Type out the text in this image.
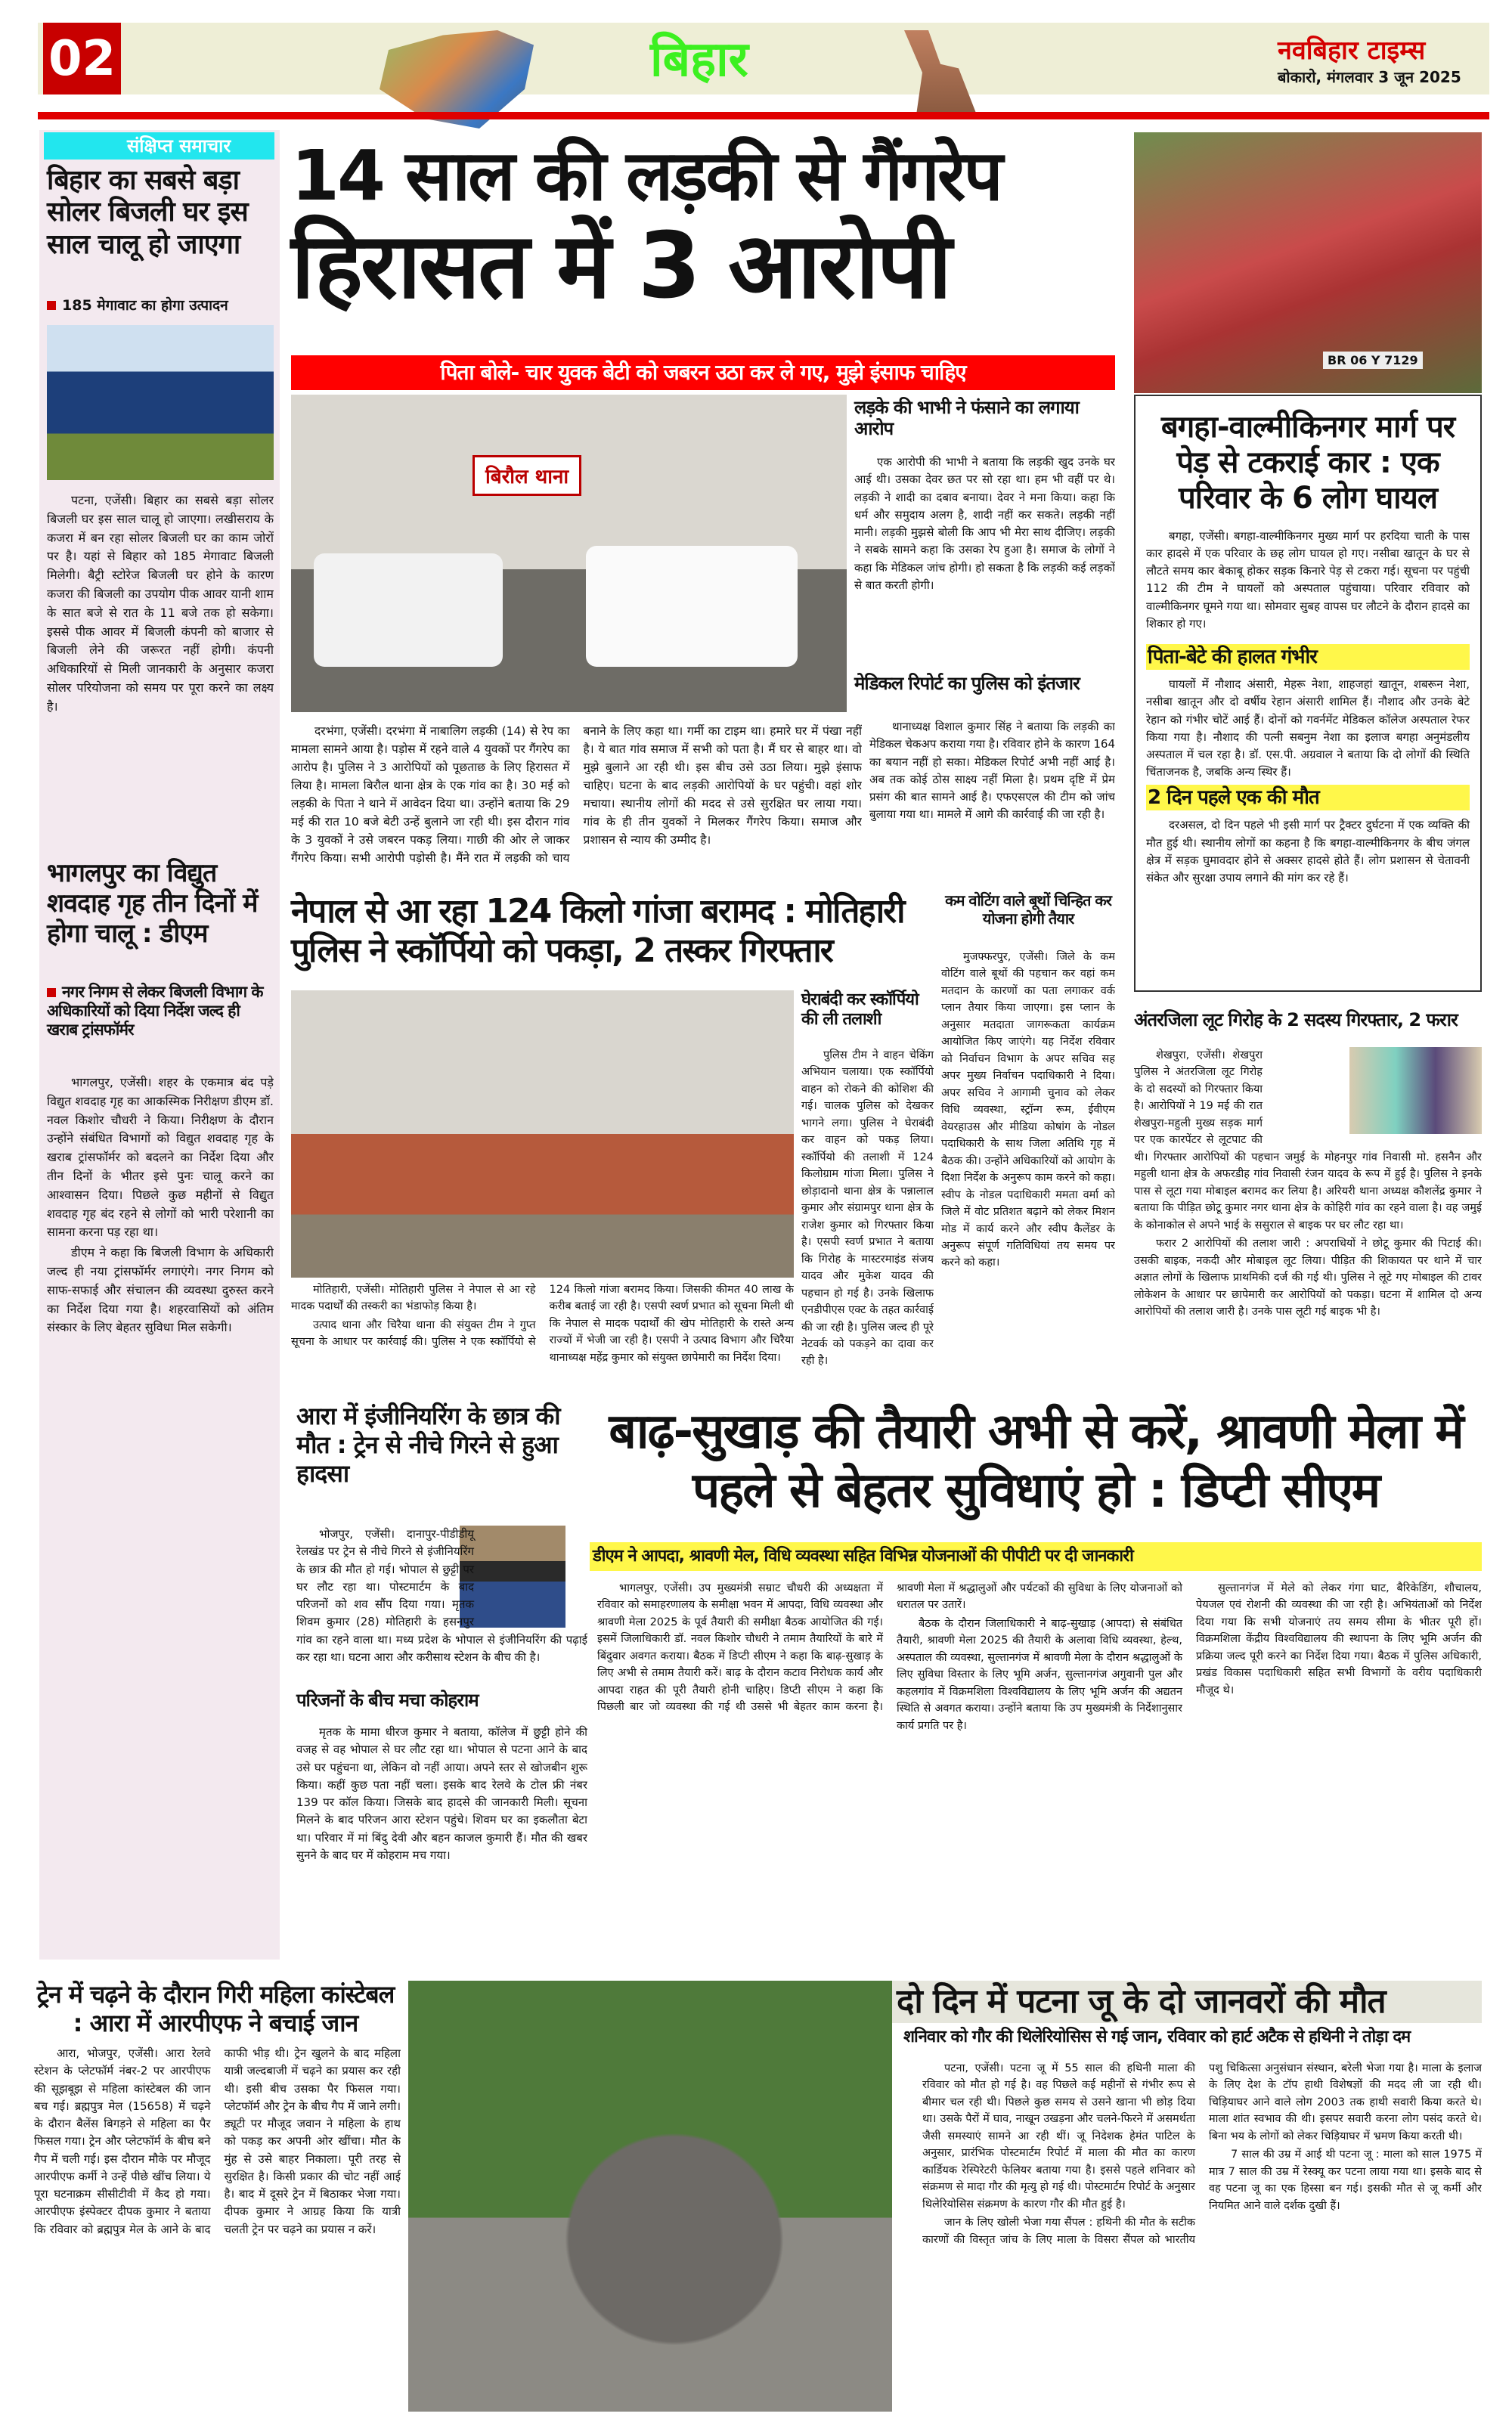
02	बिहार	नवबिहार टाइम्स
बोकारो, मंगलवार 3 जून 2025
संक्षिप्त समाचार
बिहार का सबसे बड़ा सोलर बिजली घर इस साल चालू हो जाएगा
185 मेगावाट का होगा उत्पादन

पटना, एजेंसी। बिहार का सबसे बड़ा सोलर बिजली घर इस साल चालू हो जाएगा। लखीसराय के कजरा में बन रहा सोलर बिजली घर का काम जोरों पर है। यहां से बिहार को 185 मेगावाट बिजली मिलेगी। बैट्री स्टोरेज बिजली घर होने के कारण कजरा की बिजली का उपयोग पीक आवर यानी शाम के सात बजे से रात के 11 बजे तक हो सकेगा। इससे पीक आवर में बिजली कंपनी को बाजार से बिजली लेने की जरूरत नहीं होगी। कंपनी अधिकारियों से मिली जानकारी के अनुसार कजरा सोलर परियोजना को समय पर पूरा करने का लक्ष्य है।

भागलपुर का विद्युत शवदाह गृह तीन दिनों में होगा चालू : डीएम
नगर निगम से लेकर बिजली विभाग के अधिकारियों को दिया निर्देश जल्द ही खराब ट्रांसफॉर्मर

भागलपुर, एजेंसी। शहर के एकमात्र बंद पड़े विद्युत शवदाह गृह का आकस्मिक निरीक्षण डीएम डॉ. नवल किशोर चौधरी ने किया। निरीक्षण के दौरान उन्होंने संबंधित विभागों को विद्युत शवदाह गृह के खराब ट्रांसफॉर्मर को बदलने का निर्देश दिया और तीन दिनों के भीतर इसे पुनः चालू करने का आश्वासन दिया। पिछले कुछ महीनों से विद्युत शवदाह गृह बंद रहने से लोगों को भारी परेशानी का सामना करना पड़ रहा था।

डीएम ने कहा कि बिजली विभाग के अधिकारी जल्द ही नया ट्रांसफॉर्मर लगाएंगे। नगर निगम को साफ-सफाई और संचालन की व्यवस्था दुरुस्त करने का निर्देश दिया गया है। शहरवासियों को अंतिम संस्कार के लिए बेहतर सुविधा मिल सकेगी।

14 साल की लड़की से गैंगरेप
हिरासत में 3 आरोपी
पिता बोले- चार युवक बेटी को जबरन उठा कर ले गए, मुझे इंसाफ चाहिए
बिरौल थाना
लड़के की भाभी ने फंसाने का लगाया आरोप

एक आरोपी की भाभी ने बताया कि लड़की खुद उनके घर आई थी। उसका देवर छत पर सो रहा था। हम भी वहीं पर थे। लड़की ने शादी का दबाव बनाया। देवर ने मना किया। कहा कि धर्म और समुदाय अलग है, शादी नहीं कर सकते। लड़की नहीं मानी। लड़की मुझसे बोली कि आप भी मेरा साथ दीजिए। लड़की ने सबके सामने कहा कि उसका रेप हुआ है। समाज के लोगों ने कहा कि मेडिकल जांच होगी। हो सकता है कि लड़की कई लड़कों से बात करती होगी।

मेडिकल रिपोर्ट का पुलिस को इंतजार

थानाध्यक्ष विशाल कुमार सिंह ने बताया कि लड़की का मेडिकल चेकअप कराया गया है। रविवार होने के कारण 164 का बयान नहीं हो सका। मेडिकल रिपोर्ट अभी नहीं आई है। अब तक कोई ठोस साक्ष्य नहीं मिला है। प्रथम दृष्टि में प्रेम प्रसंग की बात सामने आई है। एफएसएल की टीम को जांच बुलाया गया था। मामले में आगे की कार्रवाई की जा रही है।

दरभंगा, एजेंसी। दरभंगा में नाबालिग लड़की (14) से रेप का मामला सामने आया है। पड़ोस में रहने वाले 4 युवकों पर गैंगरेप का आरोप है। पुलिस ने 3 आरोपियों को पूछताछ के लिए हिरासत में लिया है। मामला बिरौल थाना क्षेत्र के एक गांव का है। 30 मई को लड़की के पिता ने थाने में आवेदन दिया था। उन्होंने बताया कि 29 मई की रात 10 बजे बेटी उन्हें बुलाने जा रही थी। इस दौरान गांव के 3 युवकों ने उसे जबरन पकड़ लिया। गाछी की ओर ले जाकर गैंगरेप किया। सभी आरोपी पड़ोसी है। मैंने रात में लड़की को चाय बनाने के लिए कहा था। गर्मी का टाइम था। हमारे घर में पंखा नहीं है। ये बात गांव समाज में सभी को पता है। मैं घर से बाहर था। वो मुझे बुलाने आ रही थी। इस बीच उसे उठा लिया। मुझे इंसाफ चाहिए। घटना के बाद लड़की आरोपियों के घर पहुंची। वहां शोर मचाया। स्थानीय लोगों की मदद से उसे सुरक्षित घर लाया गया। गांव के ही तीन युवकों ने मिलकर गैंगरेप किया। समाज और प्रशासन से न्याय की उम्मीद है।

BR 06 Y 7129
बगहा-वाल्मीकिनगर मार्ग पर पेड़ से टकराई कार : एक परिवार के 6 लोग घायल

बगहा, एजेंसी। बगहा-वाल्मीकिनगर मुख्य मार्ग पर हरदिया चाती के पास कार हादसे में एक परिवार के छह लोग घायल हो गए। नसीबा खातून के घर से लौटते समय कार बेकाबू होकर सड़क किनारे पेड़ से टकरा गई। सूचना पर पहुंची 112 की टीम ने घायलों को अस्पताल पहुंचाया। परिवार रविवार को वाल्मीकिनगर घूमने गया था। सोमवार सुबह वापस घर लौटने के दौरान हादसे का शिकार हो गए।

पिता-बेटे की हालत गंभीर

घायलों में नौशाद अंसारी, मेहरू नेशा, शाहजहां खातून, शबरून नेशा, नसीबा खातून और दो वर्षीय रेहान अंसारी शामिल हैं। नौशाद और उनके बेटे रेहान को गंभीर चोटें आई हैं। दोनों को गवर्नमेंट मेडिकल कॉलेज अस्पताल रेफर किया गया है। नौशाद की पत्नी सबनुम नेशा का इलाज बगहा अनुमंडलीय अस्पताल में चल रहा है। डॉ. एस.पी. अग्रवाल ने बताया कि दो लोगों की स्थिति चिंताजनक है, जबकि अन्य स्थिर हैं।

2 दिन पहले एक की मौत

दरअसल, दो दिन पहले भी इसी मार्ग पर ट्रैक्टर दुर्घटना में एक व्यक्ति की मौत हुई थी। स्थानीय लोगों का कहना है कि बगहा-वाल्मीकिनगर के बीच जंगल क्षेत्र में सड़क घुमावदार होने से अक्सर हादसे होते हैं। लोग प्रशासन से चेतावनी संकेत और सुरक्षा उपाय लगाने की मांग कर रहे हैं।

नेपाल से आ रहा 124 किलो गांजा बरामद : मोतिहारी पुलिस ने स्कॉर्पियो को पकड़ा, 2 तस्कर गिरफ्तार
घेराबंदी कर स्कॉर्पियो की ली तलाशी

पुलिस टीम ने वाहन चेकिंग अभियान चलाया। एक स्कॉर्पियो वाहन को रोकने की कोशिश की गई। चालक पुलिस को देखकर भागने लगा। पुलिस ने घेराबंदी कर वाहन को पकड़ लिया। स्कॉर्पियो की तलाशी में 124 किलोग्राम गांजा मिला। पुलिस ने छोड़ादानो थाना क्षेत्र के पन्नालाल कुमार और संग्रामपुर थाना क्षेत्र के राजेश कुमार को गिरफ्तार किया है। एसपी स्वर्ण प्रभात ने बताया कि गिरोह के मास्टरमाइंड संजय यादव और मुकेश यादव की पहचान हो गई है। उनके खिलाफ एनडीपीएस एक्ट के तहत कार्रवाई की जा रही है। पुलिस जल्द ही पूरे नेटवर्क को पकड़ने का दावा कर रही है।

मोतिहारी, एजेंसी। मोतिहारी पुलिस ने नेपाल से आ रहे मादक पदार्थों की तस्करी का भंडाफोड़ किया है।

उत्पाद थाना और चिरैया थाना की संयुक्त टीम ने गुप्त सूचना के आधार पर कार्रवाई की। पुलिस ने एक स्कॉर्पियो से 124 किलो गांजा बरामद किया। जिसकी कीमत 40 लाख के करीब बताई जा रही है। एसपी स्वर्ण प्रभात को सूचना मिली थी कि नेपाल से मादक पदार्थों की खेप मोतिहारी के रास्ते अन्य राज्यों में भेजी जा रही है। एसपी ने उत्पाद विभाग और चिरैया थानाध्यक्ष महेंद्र कुमार को संयुक्त छापेमारी का निर्देश दिया।

कम वोटिंग वाले बूथों चिन्हित कर योजना होगी तैयार

मुजफ्फरपुर, एजेंसी। जिले के कम वोटिंग वाले बूथों की पहचान कर वहां कम मतदान के कारणों का पता लगाकर वर्क प्लान तैयार किया जाएगा। इस प्लान के अनुसार मतदाता जागरूकता कार्यक्रम आयोजित किए जाएंगे। यह निर्देश रविवार को निर्वाचन विभाग के अपर सचिव सह अपर मुख्य निर्वाचन पदाधिकारी ने दिया। अपर सचिव ने आगामी चुनाव को लेकर विधि व्यवस्था, स्ट्रॉन्ग रूम, ईवीएम वेयरहाउस और मीडिया कोषांग के नोडल पदाधिकारी के साथ जिला अतिथि गृह में बैठक की। उन्होंने अधिकारियों को आयोग के दिशा निर्देश के अनुरूप काम करने को कहा। स्वीप के नोडल पदाधिकारी ममता वर्मा को जिले में वोट प्रतिशत बढ़ाने को लेकर मिशन मोड में कार्य करने और स्वीप कैलेंडर के अनुरूप संपूर्ण गतिविधियां तय समय पर करने को कहा।

अंतरजिला लूट गिरोह के 2 सदस्य गिरफ्तार, 2 फरार

शेखपुरा, एजेंसी। शेखपुरा पुलिस ने अंतरजिला लूट गिरोह के दो सदस्यों को गिरफ्तार किया है। आरोपियों ने 19 मई की रात शेखपुरा-महुली मुख्य सड़क मार्ग पर एक कारपेंटर से लूटपाट की थी। गिरफ्तार आरोपियों की पहचान जमुई के मोहनपुर गांव निवासी मो. हसनैन और महुली थाना क्षेत्र के अफरडीह गांव निवासी रंजन यादव के रूप में हुई है। पुलिस ने इनके पास से लूटा गया मोबाइल बरामद कर लिया है। अरियरी थाना अध्यक्ष कौशलेंद्र कुमार ने बताया कि पीड़ित छोटू कुमार नगर थाना क्षेत्र के कोहिरी गांव का रहने वाला है। वह जमुई के कोनाकोल से अपने भाई के ससुराल से बाइक पर घर लौट रहा था।

फरार 2 आरोपियों की तलाश जारी : अपराधियों ने छोटू कुमार की पिटाई की। उसकी बाइक, नकदी और मोबाइल लूट लिया। पीड़ित की शिकायत पर थाने में चार अज्ञात लोगों के खिलाफ प्राथमिकी दर्ज की गई थी। पुलिस ने लूटे गए मोबाइल की टावर लोकेशन के आधार पर छापेमारी कर आरोपियों को पकड़ा। घटना में शामिल दो अन्य आरोपियों की तलाश जारी है। उनके पास लूटी गई बाइक भी है।

आरा में इंजीनियरिंग के छात्र की मौत : ट्रेन से नीचे गिरने से हुआ हादसा

भोजपुर, एजेंसी। दानापुर-पीडीडीयू रेलखंड पर ट्रेन से नीचे गिरने से इंजीनियरिंग के छात्र की मौत हो गई। भोपाल से छुट्टी पर घर लौट रहा था। पोस्टमार्टम के बाद परिजनों को शव सौंप दिया गया। मृतक शिवम कुमार (28) मोतिहारी के हसनपुर गांव का रहने वाला था। मध्य प्रदेश के भोपाल से इंजीनियरिंग की पढ़ाई कर रहा था। घटना आरा और करीसाथ स्टेशन के बीच की है।

परिजनों के बीच मचा कोहराम

मृतक के मामा धीरज कुमार ने बताया, कॉलेज में छुट्टी होने की वजह से वह भोपाल से घर लौट रहा था। भोपाल से पटना आने के बाद उसे घर पहुंचना था, लेकिन वो नहीं आया। अपने स्तर से खोजबीन शुरू किया। कहीं कुछ पता नहीं चला। इसके बाद रेलवे के टोल फ्री नंबर 139 पर कॉल किया। जिसके बाद हादसे की जानकारी मिली। सूचना मिलने के बाद परिजन आरा स्टेशन पहुंचे। शिवम घर का इकलौता बेटा था। परिवार में मां बिंदु देवी और बहन काजल कुमारी हैं। मौत की खबर सुनने के बाद घर में कोहराम मच गया।

बाढ़-सुखाड़ की तैयारी अभी से करें, श्रावणी मेला में पहले से बेहतर सुविधाएं हो : डिप्टी सीएम
डीएम ने आपदा, श्रावणी मेल, विधि व्यवस्था सहित विभिन्न योजनाओं की पीपीटी पर दी जानकारी

भागलपुर, एजेंसी। उप मुख्यमंत्री सम्राट चौधरी की अध्यक्षता में रविवार को समाहरणालय के समीक्षा भवन में आपदा, विधि व्यवस्था और श्रावणी मेला 2025 के पूर्व तैयारी की समीक्षा बैठक आयोजित की गई। इसमें जिलाधिकारी डॉ. नवल किशोर चौधरी ने तमाम तैयारियों के बारे में बिंदुवार अवगत कराया। बैठक में डिप्टी सीएम ने कहा कि बाढ़-सुखाड़ के लिए अभी से तमाम तैयारी करें। बाढ़ के दौरान कटाव निरोधक कार्य और आपदा राहत की पूरी तैयारी होनी चाहिए। डिप्टी सीएम ने कहा कि पिछली बार जो व्यवस्था की गई थी उससे भी बेहतर काम करना है। श्रावणी मेला में श्रद्धालुओं और पर्यटकों की सुविधा के लिए योजनाओं को धरातल पर उतारें।

बैठक के दौरान जिलाधिकारी ने बाढ़-सुखाड़ (आपदा) से संबंधित तैयारी, श्रावणी मेला 2025 की तैयारी के अलावा विधि व्यवस्था, हेल्थ, अस्पताल की व्यवस्था, सुल्तानगंज में श्रावणी मेला के दौरान श्रद्धालुओं के लिए सुविधा विस्तार के लिए भूमि अर्जन, सुल्तानगंज अगुवानी पुल और कहलगांव में विक्रमशिला विश्वविद्यालय के लिए भूमि अर्जन की अद्यतन स्थिति से अवगत कराया। उन्होंने बताया कि उप मुख्यमंत्री के निर्देशानुसार कार्य प्रगति पर है।

सुल्तानगंज में मेले को लेकर गंगा घाट, बैरिकेडिंग, शौचालय, पेयजल एवं रोशनी की व्यवस्था की जा रही है। अभियंताओं को निर्देश दिया गया कि सभी योजनाएं तय समय सीमा के भीतर पूरी हों। विक्रमशिला केंद्रीय विश्वविद्यालय की स्थापना के लिए भूमि अर्जन की प्रक्रिया जल्द पूरी करने का निर्देश दिया गया। बैठक में पुलिस अधिकारी, प्रखंड विकास पदाधिकारी सहित सभी विभागों के वरीय पदाधिकारी मौजूद थे।

ट्रेन में चढ़ने के दौरान गिरी महिला कांस्टेबल : आरा में आरपीएफ ने बचाई जान

आरा, भोजपुर, एजेंसी। आरा रेलवे स्टेशन के प्लेटफॉर्म नंबर-2 पर आरपीएफ की सूझबूझ से महिला कांस्टेबल की जान बच गई। ब्रह्मपुत्र मेल (15658) में चढ़ने के दौरान बैलेंस बिगड़ने से महिला का पैर फिसल गया। ट्रेन और प्लेटफॉर्म के बीच बने गैप में चली गई। इस दौरान मौके पर मौजूद आरपीएफ कर्मी ने उन्हें पीछे खींच लिया। ये पूरा घटनाक्रम सीसीटीवी में कैद हो गया। आरपीएफ इंस्पेक्टर दीपक कुमार ने बताया कि रविवार को ब्रह्मपुत्र मेल के आने के बाद काफी भीड़ थी। ट्रेन खुलने के बाद महिला यात्री जल्दबाजी में चढ़ने का प्रयास कर रही थी। इसी बीच उसका पैर फिसल गया। प्लेटफॉर्म और ट्रेन के बीच गैप में जाने लगी। ड्यूटी पर मौजूद जवान ने महिला के हाथ को पकड़ कर अपनी ओर खींचा। मौत के मुंह से उसे बाहर निकाला। पूरी तरह से सुरक्षित है। किसी प्रकार की चोट नहीं आई है। बाद में दूसरे ट्रेन में बिठाकर भेजा गया। दीपक कुमार ने आग्रह किया कि यात्री चलती ट्रेन पर चढ़ने का प्रयास न करें।

दो दिन में पटना जू के दो जानवरों की मौत
शनिवार को गौर की थिलेरियोसिस से गई जान, रविवार को हार्ट अटैक से हथिनी ने तोड़ा दम

पटना, एजेंसी। पटना जू में 55 साल की हथिनी माला की रविवार को मौत हो गई है। वह पिछले कई महीनों से गंभीर रूप से बीमार चल रही थी। पिछले कुछ समय से उसने खाना भी छोड़ दिया था। उसके पैरों में घाव, नाखून उखड़ना और चलने-फिरने में असमर्थता जैसी समस्याएं सामने आ रही थीं। जू निदेशक हेमंत पाटिल के अनुसार, प्रारंभिक पोस्टमार्टम रिपोर्ट में माला की मौत का कारण कार्डियक रेस्पिरेटरी फेलियर बताया गया है। इससे पहले शनिवार को संक्रमण से मादा गौर की मृत्यु हो गई थी। पोस्टमार्टम रिपोर्ट के अनुसार थिलेरियोसिस संक्रमण के कारण गौर की मौत हुई है।

जान के लिए खोली भेजा गया सैंपल : हथिनी की मौत के सटीक कारणों की विस्तृत जांच के लिए माला के विसरा सैंपल को भारतीय पशु चिकित्सा अनुसंधान संस्थान, बरेली भेजा गया है। माला के इलाज के लिए देश के टॉप हाथी विशेषज्ञों की मदद ली जा रही थी। चिड़ियाघर आने वाले लोग 2003 तक हाथी सवारी किया करते थे। माला शांत स्वभाव की थी। इसपर सवारी करना लोग पसंद करते थे। बिना भय के लोगों को लेकर चिड़ियाघर में भ्रमण किया करती थी।

7 साल की उम्र में आई थी पटना जू : माला को साल 1975 में मात्र 7 साल की उम्र में रेस्क्यू कर पटना लाया गया था। इसके बाद से वह पटना जू का एक हिस्सा बन गई। इसकी मौत से जू कर्मी और नियमित आने वाले दर्शक दुखी हैं।
